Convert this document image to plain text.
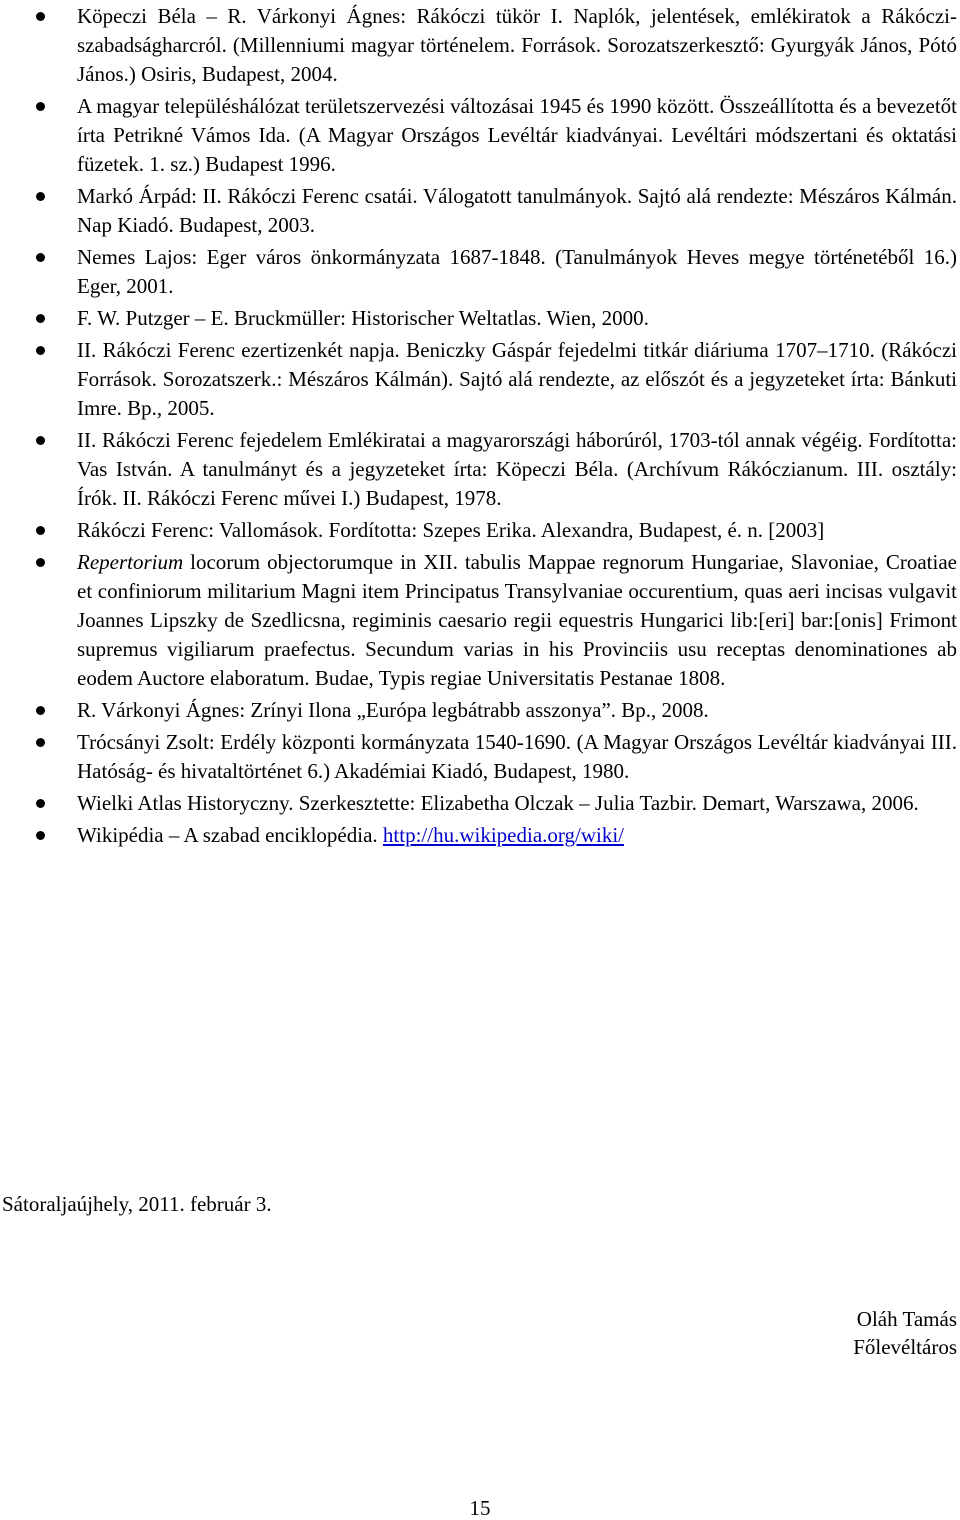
Köpeczi Béla – R. Várkonyi Ágnes: Rákóczi tükör I. Naplók, jelentések, emlékiratok a Rákóczi-szabadságharcról. (Millenniumi magyar történelem. Források. Sorozatszerkesztő: Gyurgyák János, Pótó János.) Osiris, Budapest, 2004.
A magyar településhálózat területszervezési változásai 1945 és 1990 között. Összeállította és a bevezetőt írta Petrikné Vámos Ida. (A Magyar Országos Levéltár kiadványai. Levéltári módszertani és oktatási füzetek. 1. sz.) Budapest 1996.
Markó Árpád: II. Rákóczi Ferenc csatái. Válogatott tanulmányok. Sajtó alá rendezte: Mészáros Kálmán. Nap Kiadó. Budapest, 2003.
Nemes Lajos: Eger város önkormányzata 1687-1848. (Tanulmányok Heves megye történetéből 16.) Eger, 2001.
F. W. Putzger – E. Bruckmüller: Historischer Weltatlas. Wien, 2000.
II. Rákóczi Ferenc ezertizenkét napja. Beniczky Gáspár fejedelmi titkár diáriuma 1707–1710. (Rákóczi Források. Sorozatszerk.: Mészáros Kálmán). Sajtó alá rendezte, az előszót és a jegyzeteket írta: Bánkuti Imre. Bp., 2005.
II. Rákóczi Ferenc fejedelem Emlékiratai a magyarországi háborúról, 1703-tól annak végéig. Fordította: Vas István. A tanulmányt és a jegyzeteket írta: Köpeczi Béla. (Archívum Rákóczianum. III. osztály: Írók. II. Rákóczi Ferenc művei I.) Budapest, 1978.
Rákóczi Ferenc: Vallomások. Fordította: Szepes Erika. Alexandra, Budapest, é. n. [2003]
Repertorium locorum objectorumque in XII. tabulis Mappae regnorum Hungariae, Slavoniae, Croatiae et confiniorum militarium Magni item Principatus Transylvaniae occurentium, quas aeri incisas vulgavit Joannes Lipszky de Szedlicsna, regiminis caesario regii equestris Hungarici lib:[eri] bar:[onis] Frimont supremus vigiliarum praefectus. Secundum varias in his Provinciis usu receptas denominationes ab eodem Auctore elaboratum. Budae, Typis regiae Universitatis Pestanae 1808.
R. Várkonyi Ágnes: Zrínyi Ilona „Európa legbátrabb asszonya”. Bp., 2008.
Trócsányi Zsolt: Erdély központi kormányzata 1540-1690. (A Magyar Országos Levéltár kiadványai III. Hatóság- és hivataltörténet 6.) Akadémiai Kiadó, Budapest, 1980.
Wielki Atlas Historyczny. Szerkesztette: Elizabetha Olczak – Julia Tazbir. Demart, Warszawa, 2006.
Wikipédia – A szabad enciklopédia. http://hu.wikipedia.org/wiki/

Sátoraljaújhely, 2011. február 3.

Oláh Tamás
Főlevéltáros
15
